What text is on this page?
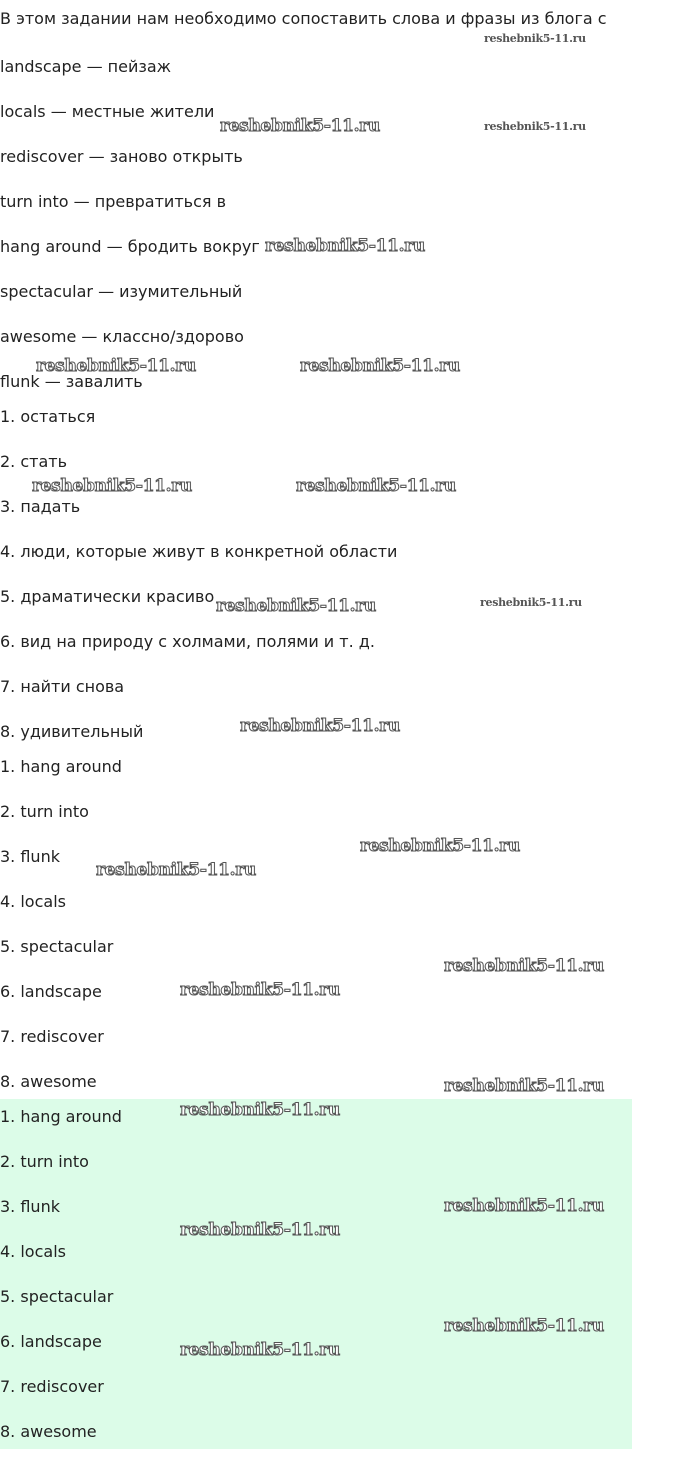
В этом задании нам необходимо сопоставить слова и фразы из блога с
landscape — пейзаж
locals — местные жители
rediscover — заново открыть
turn into — превратиться в
hang around — бродить вокруг
spectacular — изумительный
awesome — классно/здорово
flunk — завалить
1. остаться
2. стать
3. падать
4. люди, которые живут в конкретной области
5. драматически красиво
6. вид на природу с холмами, полями и т. д.
7. найти снова
8. удивительный
1. hang around
2. turn into
3. flunk
4. locals
5. spectacular
6. landscape
7. rediscover
8. awesome
1. hang around
2. turn into
3. flunk
4. locals
5. spectacular
6. landscape
7. rediscover
8. awesome
reshebnik5-11.ru
reshebnik5-11.ru	reshebnik5-11.ru
reshebnik5-11.ru
reshebnik5-11.ru	reshebnik5-11.ru
reshebnik5-11.ru	reshebnik5-11.ru
reshebnik5-11.ru	reshebnik5-11.ru
reshebnik5-11.ru
reshebnik5-11.ru
reshebnik5-11.ru
reshebnik5-11.ru
reshebnik5-11.ru
reshebnik5-11.ru
reshebnik5-11.ru
reshebnik5-11.ru
reshebnik5-11.ru
reshebnik5-11.ru
reshebnik5-11.ru
